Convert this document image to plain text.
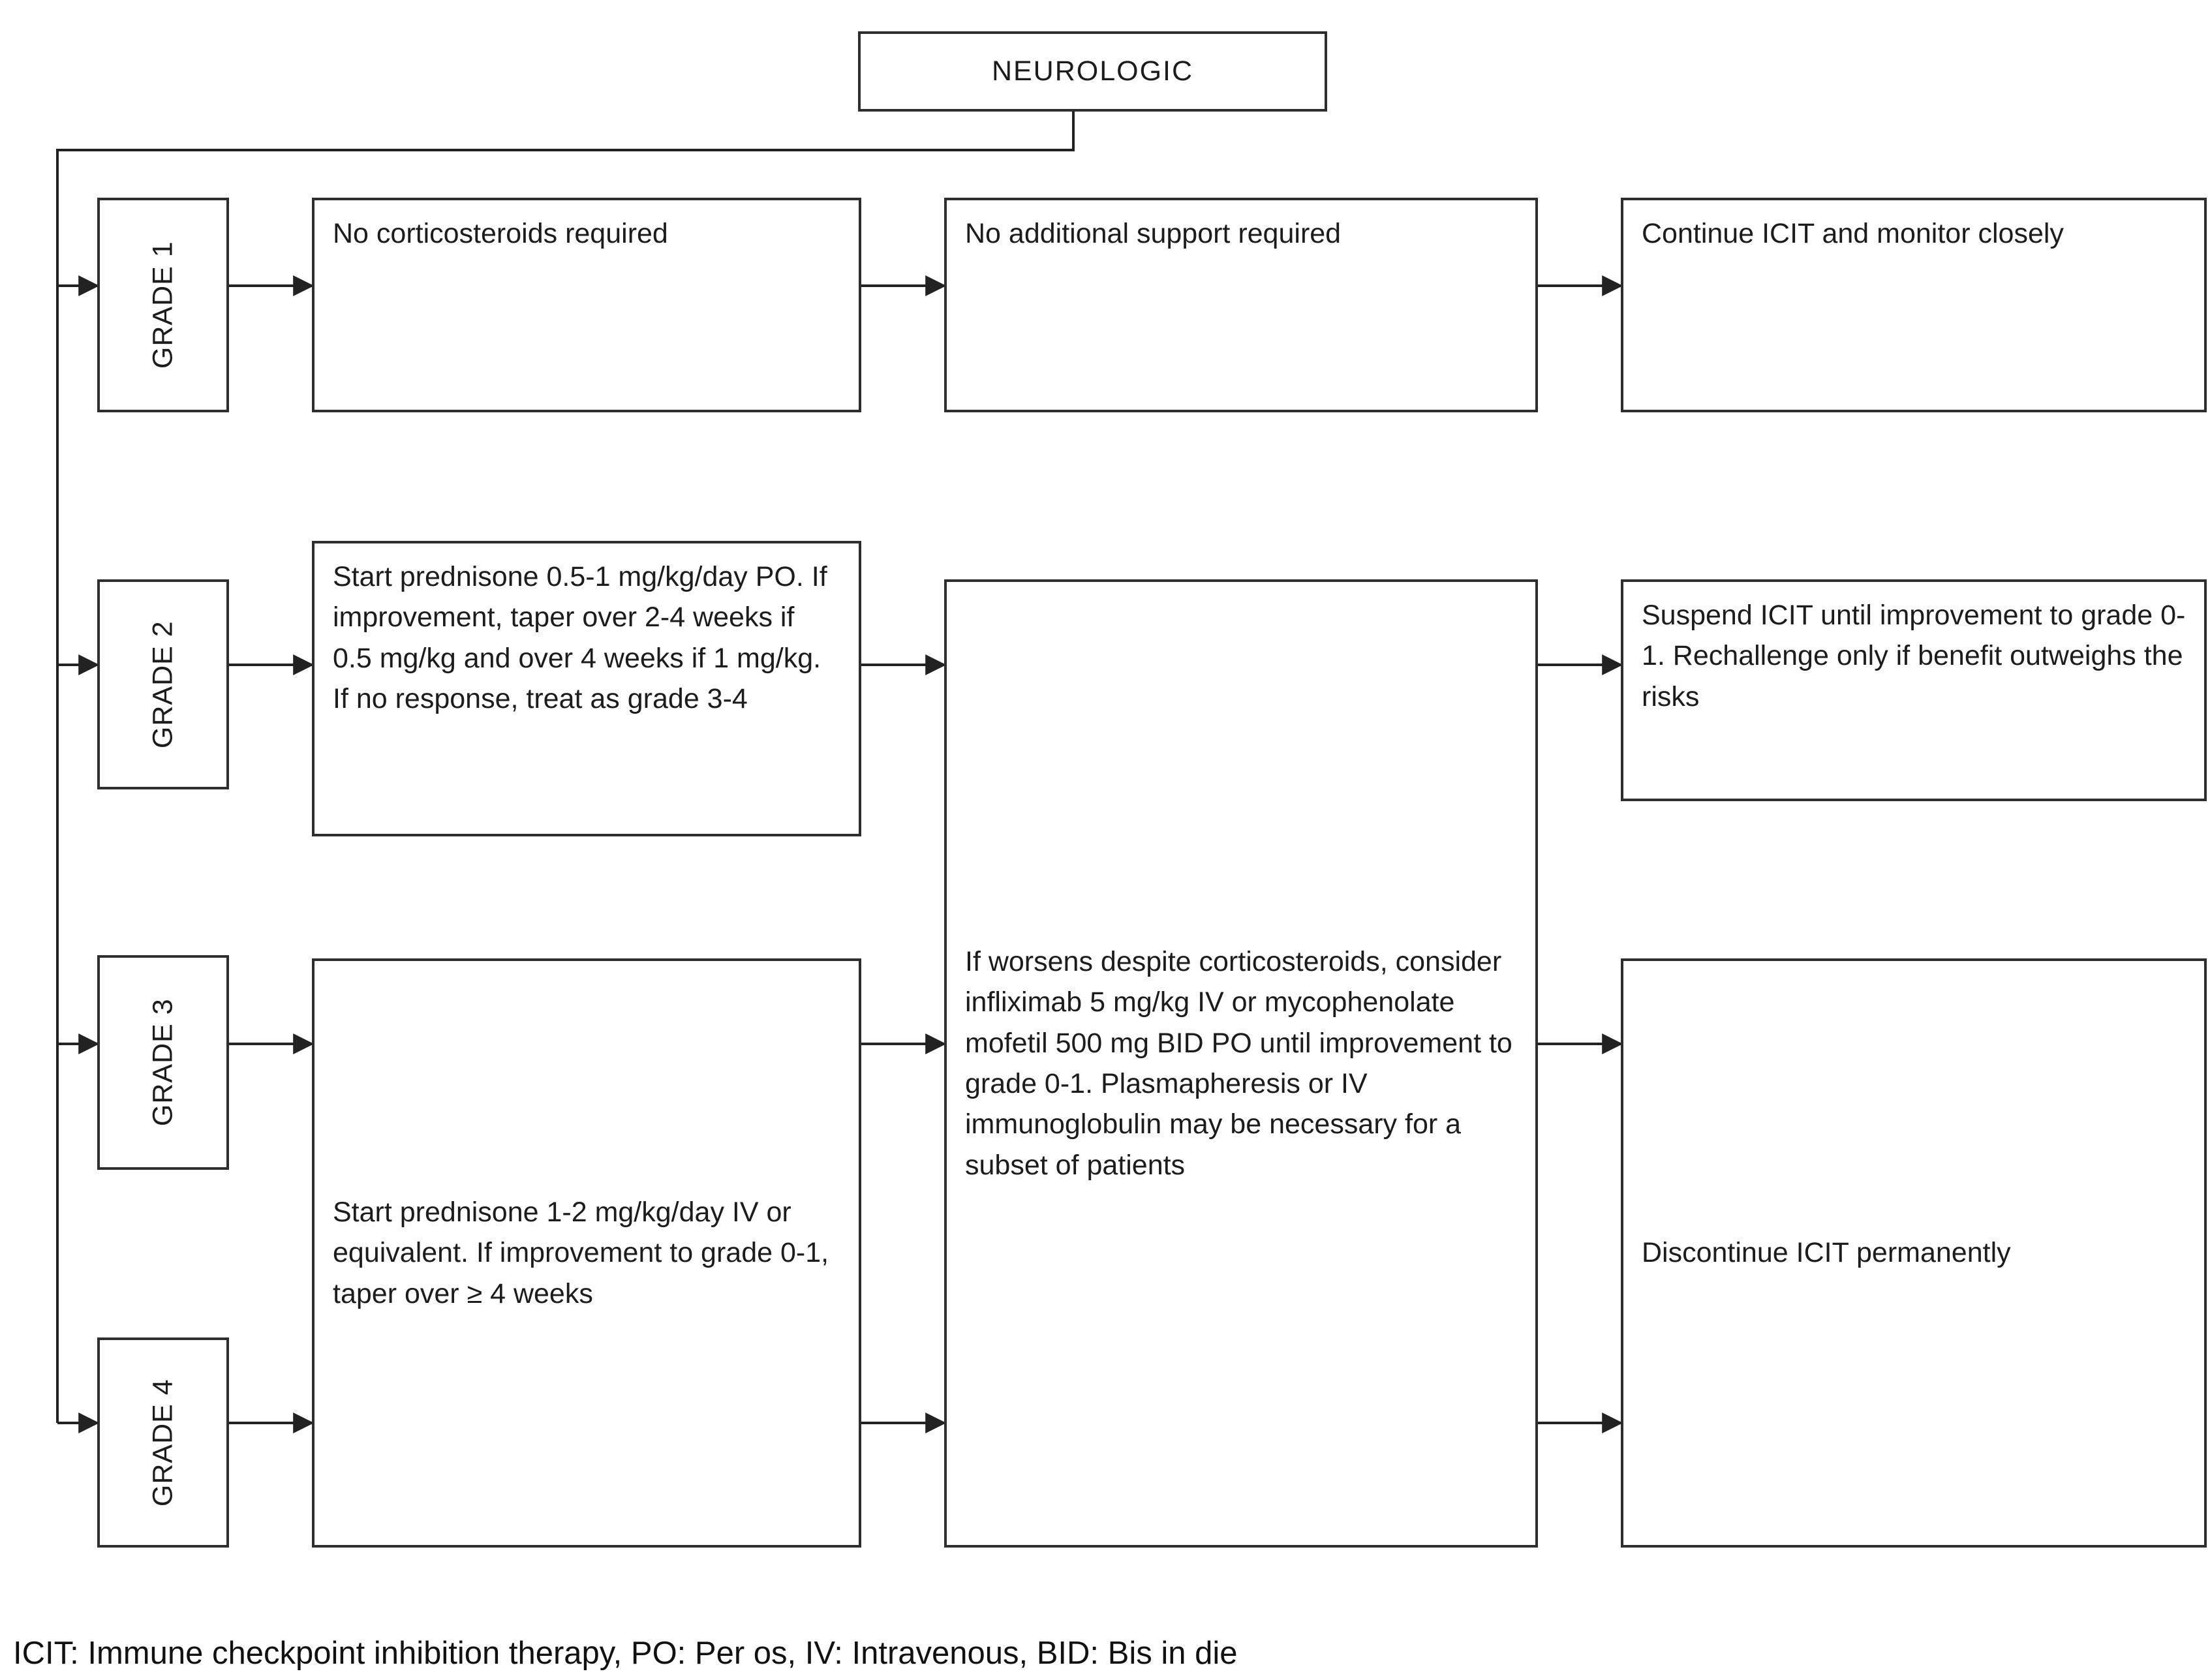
NEUROLOGIC
GRADE 1
GRADE 2
GRADE 3
GRADE 4
No corticosteroids required
Start prednisone 0.5-1 mg/kg/day PO. If improvement, taper over 2-4 weeks if 0.5 mg/kg and over 4 weeks if 1 mg/kg. If no response, treat as grade 3-4
Start prednisone 1-2 mg/kg/day IV or equivalent. If improvement to grade 0-1, taper over ≥ 4 weeks
No additional support required
If worsens despite corticosteroids, consider infliximab 5 mg/kg IV or mycophenolate mofetil 500 mg BID PO until improvement to grade 0-1. Plasmapheresis or IV immunoglobulin may be necessary for a subset of patients
Continue ICIT and monitor closely
Suspend ICIT until improvement to grade 0-1. Rechallenge only if benefit outweighs the risks
Discontinue ICIT permanently
ICIT: Immune checkpoint inhibition therapy, PO: Per os, IV: Intravenous, BID: Bis in die
